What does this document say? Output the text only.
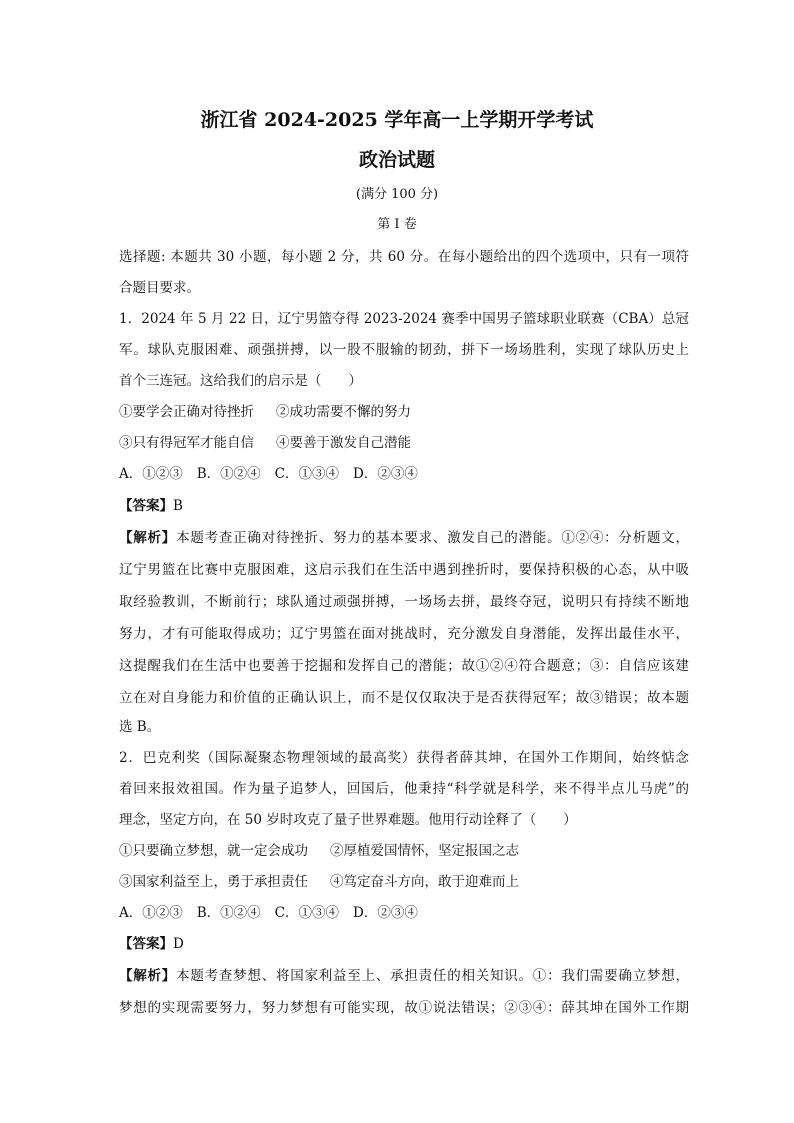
浙江省 2024-2025 学年高一上学期开学考试
政治试题
(满分 100 分)
第 I 卷
选择题: 本题共 30 小题，每小题 2 分，共 60 分。在每小题给出的四个选项中，只有一项符
合题目要求。
1．2024 年 5 月 22 日，辽宁男篮夺得 2023-2024 赛季中国男子篮球职业联赛（CBA）总冠
军。球队克服困难、顽强拼搏，以一股不服输的韧劲，拼下一场场胜利，实现了球队历史上
首个三连冠。这给我们的启示是（　　）
①要学会正确对待挫折 ②成功需要不懈的努力
③只有得冠军才能自信 ④要善于激发自己潜能
A．①②③ B．①②④ C．①③④ D．②③④
【答案】B
【解析】本题考查正确对待挫折、努力的基本要求、激发自己的潜能。①②④：分析题文，
辽宁男篮在比赛中克服困难，这启示我们在生活中遇到挫折时，要保持积极的心态，从中吸
取经验教训，不断前行；球队通过顽强拼搏，一场场去拼，最终夺冠，说明只有持续不断地
努力，才有可能取得成功；辽宁男篮在面对挑战时，充分激发自身潜能，发挥出最佳水平，
这提醒我们在生活中也要善于挖掘和发挥自己的潜能；故①②④符合题意；③：自信应该建
立在对自身能力和价值的正确认识上，而不是仅仅取决于是否获得冠军；故③错误；故本题
选 B。
2．巴克利奖（国际凝聚态物理领域的最高奖）获得者薛其坤，在国外工作期间，始终惦念
着回来报效祖国。作为量子追梦人，回国后，他秉持“科学就是科学，来不得半点儿马虎”的
理念，坚定方向，在 50 岁时攻克了量子世界难题。他用行动诠释了（　　）
①只要确立梦想，就一定会成功 ②厚植爱国情怀，坚定报国之志
③国家利益至上，勇于承担责任 ④笃定奋斗方向，敢于迎难而上
A．①②③ B．①②④ C．①③④ D．②③④
【答案】D
【解析】本题考查梦想、将国家利益至上、承担责任的相关知识。①：我们需要确立梦想，
梦想的实现需要努力，努力梦想有可能实现，故①说法错误；②③④：薛其坤在国外工作期
